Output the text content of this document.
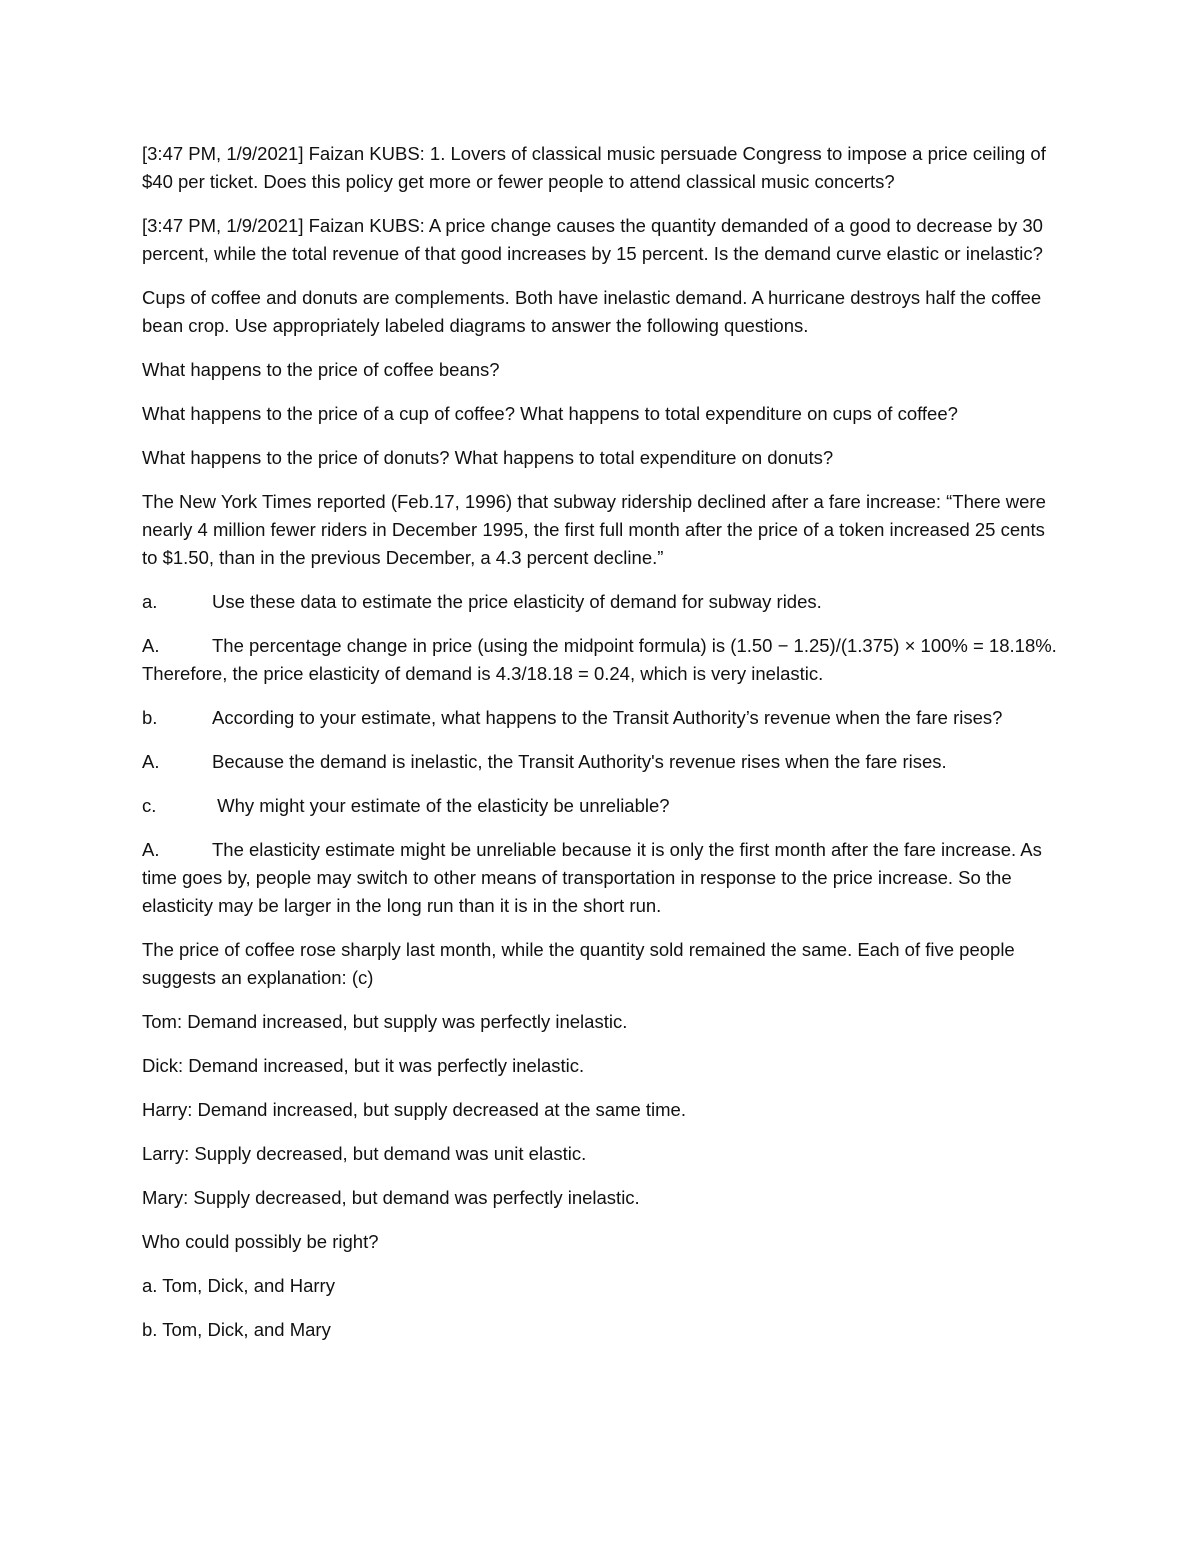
[3:47 PM, 1/9/2021] Faizan KUBS: 1. Lovers of classical music persuade Congress to impose a price ceiling of $40 per ticket. Does this policy get more or fewer people to attend classical music concerts?

[3:47 PM, 1/9/2021] Faizan KUBS: A price change causes the quantity demanded of a good to decrease by 30 percent, while the total revenue of that good increases by 15 percent. Is the demand curve elastic or inelastic?

Cups of coffee and donuts are complements. Both have inelastic demand. A hurricane destroys half the coffee bean crop. Use appropriately labeled diagrams to answer the following questions.

What happens to the price of coffee beans?

What happens to the price of a cup of coffee? What happens to total expenditure on cups of coffee?

What happens to the price of donuts? What happens to total expenditure on donuts?

The New York Times reported (Feb.17, 1996) that subway ridership declined after a fare increase: “There were nearly 4 million fewer riders in December 1995, the first full month after the price of a token increased 25 cents to $1.50, than in the previous December, a 4.3 percent decline.”

a.	Use these data to estimate the price elasticity of demand for subway rides.

A.	The percentage change in price (using the midpoint formula) is (1.50 − 1.25)/(1.375) × 100% = 18.18%. Therefore, the price elasticity of demand is 4.3/18.18 = 0.24, which is very inelastic.

b.	According to your estimate, what happens to the Transit Authority’s revenue when the fare rises?

A.	Because the demand is inelastic, the Transit Authority's revenue rises when the fare rises.

c.	Why might your estimate of the elasticity be unreliable?

A.	The elasticity estimate might be unreliable because it is only the first month after the fare increase. As time goes by, people may switch to other means of transportation in response to the price increase. So the elasticity may be larger in the long run than it is in the short run.

The price of coffee rose sharply last month, while the quantity sold remained the same. Each of five people suggests an explanation: (c)

Tom: Demand increased, but supply was perfectly inelastic.

Dick: Demand increased, but it was perfectly inelastic.

Harry: Demand increased, but supply decreased at the same time.

Larry: Supply decreased, but demand was unit elastic.

Mary: Supply decreased, but demand was perfectly inelastic.

Who could possibly be right?

a. Tom, Dick, and Harry

b. Tom, Dick, and Mary
